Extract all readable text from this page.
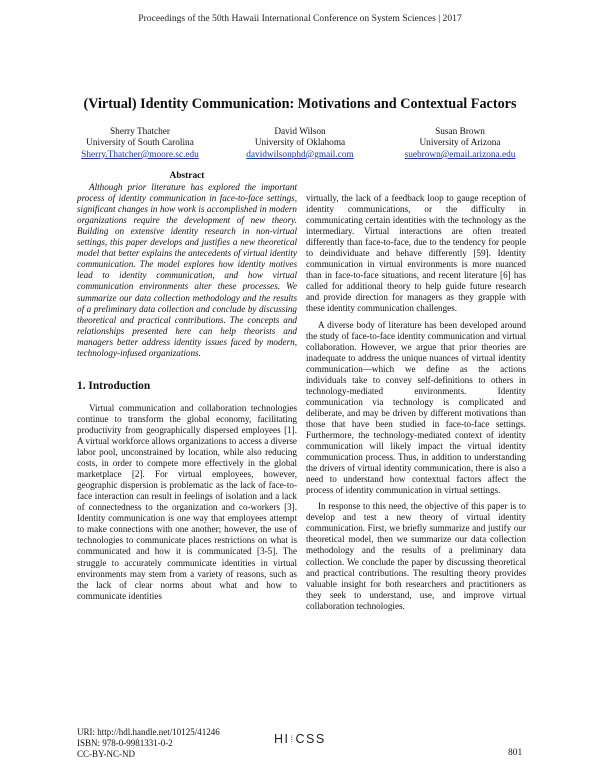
Proceedings of the 50th Hawaii International Conference on System Sciences | 2017
(Virtual) Identity Communication: Motivations and Contextual Factors
Sherry Thatcher
University of South Carolina
Sherry.Thatcher@moore.sc.edu
David Wilson
University of Oklahoma
davidwilsonphd@gmail.com
Susan Brown
University of Arizona
suebrown@email.arizona.edu

Abstract

Although prior literature has explored the important process of identity communication in face-to-face settings, significant changes in how work is accomplished in modern organizations require the development of new theory. Building on extensive identity research in non-virtual settings, this paper develops and justifies a new theoretical model that better explains the antecedents of virtual identity communication. The model explores how identity motives lead to identity communication, and how virtual communication environments alter these processes. We summarize our data collection methodology and the results of a preliminary data collection and conclude by discussing theoretical and practical contributions. The concepts and relationships presented here can help theorists and managers better address identity issues faced by modern, technology-infused organizations.

1. Introduction

Virtual communication and collaboration technologies continue to transform the global economy, facilitating productivity from geographically dispersed employees [1]. A virtual workforce allows organizations to access a diverse labor pool, unconstrained by location, while also reducing costs, in order to compete more effectively in the global marketplace [2]. For virtual employees, however, geographic dispersion is problematic as the lack of face-to-face interaction can result in feelings of isolation and a lack of connectedness to the organization and co-workers [3]. Identity communication is one way that employees attempt to make connections with one another; however, the use of technologies to communicate places restrictions on what is communicated and how it is communicated [3-5]. The struggle to accurately communicate identities in virtual environments may stem from a variety of reasons, such as the lack of clear norms about what and how to communicate identities

virtually, the lack of a feedback loop to gauge reception of identity communications, or the difficulty in communicating certain identities with the technology as the intermediary. Virtual interactions are often treated differently than face-to-face, due to the tendency for people to deindividuate and behave differently [59]. Identity communication in virtual environments is more nuanced than in face-to-face situations, and recent literature [6] has called for additional theory to help guide future research and provide direction for managers as they grapple with these identity communication challenges.

A diverse body of literature has been developed around the study of face-to-face identity communication and virtual collaboration. However, we argue that prior theories are inadequate to address the unique nuances of virtual identity communication—which we define as the actions individuals take to convey self-definitions to others in technology-mediated environments. Identity communication via technology is complicated and deliberate, and may be driven by different motivations than those that have been studied in face-to-face settings. Furthermore, the technology-mediated context of identity communication will likely impact the virtual identity communication process. Thus, in addition to understanding the drivers of virtual identity communication, there is also a need to understand how contextual factors affect the process of identity communication in virtual settings.

In response to this need, the objective of this paper is to develop and test a new theory of virtual identity communication. First, we briefly summarize and justify our theoretical model, then we summarize our data collection methodology and the results of a preliminary data collection. We conclude the paper by discussing theoretical and practical contributions. The resulting theory provides valuable insight for both researchers and practitioners as they seek to understand, use, and improve virtual collaboration technologies.

URI: http://hdl.handle.net/10125/41246
ISBN: 978-0-9981331-0-2
CC-BY-NC-ND
HI⁞CSS
801
